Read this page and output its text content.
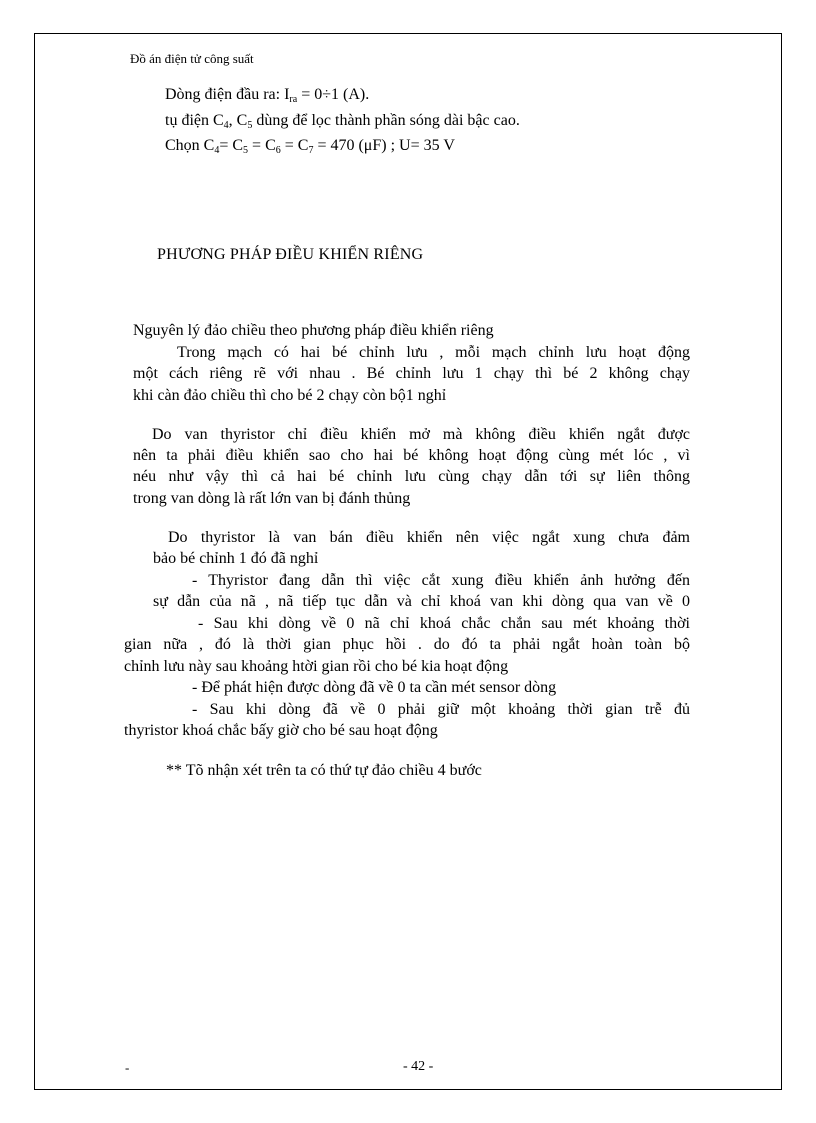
Đồ án điện tử công suất
Dòng điện đầu ra: $I_{ra} = 0\div 1$ (A).
tụ điện $C_4$, $C_5$ dùng để lọc thành phần sóng dài bậc cao.
Chọn $C_4= C_5 = C_6 = C_7 = 470$ (μF) ; U= 35 V
PHƯƠNG PHÁP ĐIỀU KHIỂN RIÊNG
Nguyên lý đảo chiều theo phương pháp điều khiển riêng
Trong mạch có hai bé chỉnh lưu , mỗi mạch chỉnh lưu hoạt động
một cách riêng rẽ với nhau . Bé chỉnh lưu 1 chạy thì bé 2 không chạy
khi càn đảo chiều thì cho bé 2 chạy còn bộ1 nghỉ
Do van thyristor chỉ điều khiển mở mà không điều khiển ngắt được
nên ta phải điều khiển sao cho hai bé không hoạt động cùng mét lóc , vì
néu như vậy thì cả hai bé chỉnh lưu cùng chạy dẫn tới sự liên thông
trong van dòng là rất lớn van bị đánh thủng
Do thyristor là van bán điều khiển nên việc ngắt xung chưa đảm
bảo bé chỉnh 1 đó đã nghỉ
- Thyristor đang dẫn thì việc cắt xung điều khiển ảnh hưởng đến
sự dẫn của nã , nã tiếp tục dẫn và chỉ khoá van khi dòng qua van về 0
- Sau khi dòng về 0 nã chỉ khoá chắc chắn sau mét khoảng thời
gian nữa , đó là thời gian phục hồi . do đó ta phải ngắt hoàn toàn bộ
chỉnh lưu này sau khoảng htời gian rồi cho bé kia hoạt động
- Để phát hiện được dòng đã về 0 ta cần mét sensor dòng
- Sau khi dòng đã về 0 phải giữ một khoảng thời gian trễ đủ
thyristor khoá chắc bấy giờ cho bé sau hoạt động
** Tõ nhận xét trên ta có thứ tự đảo chiều 4 bước
-	- 42 -
